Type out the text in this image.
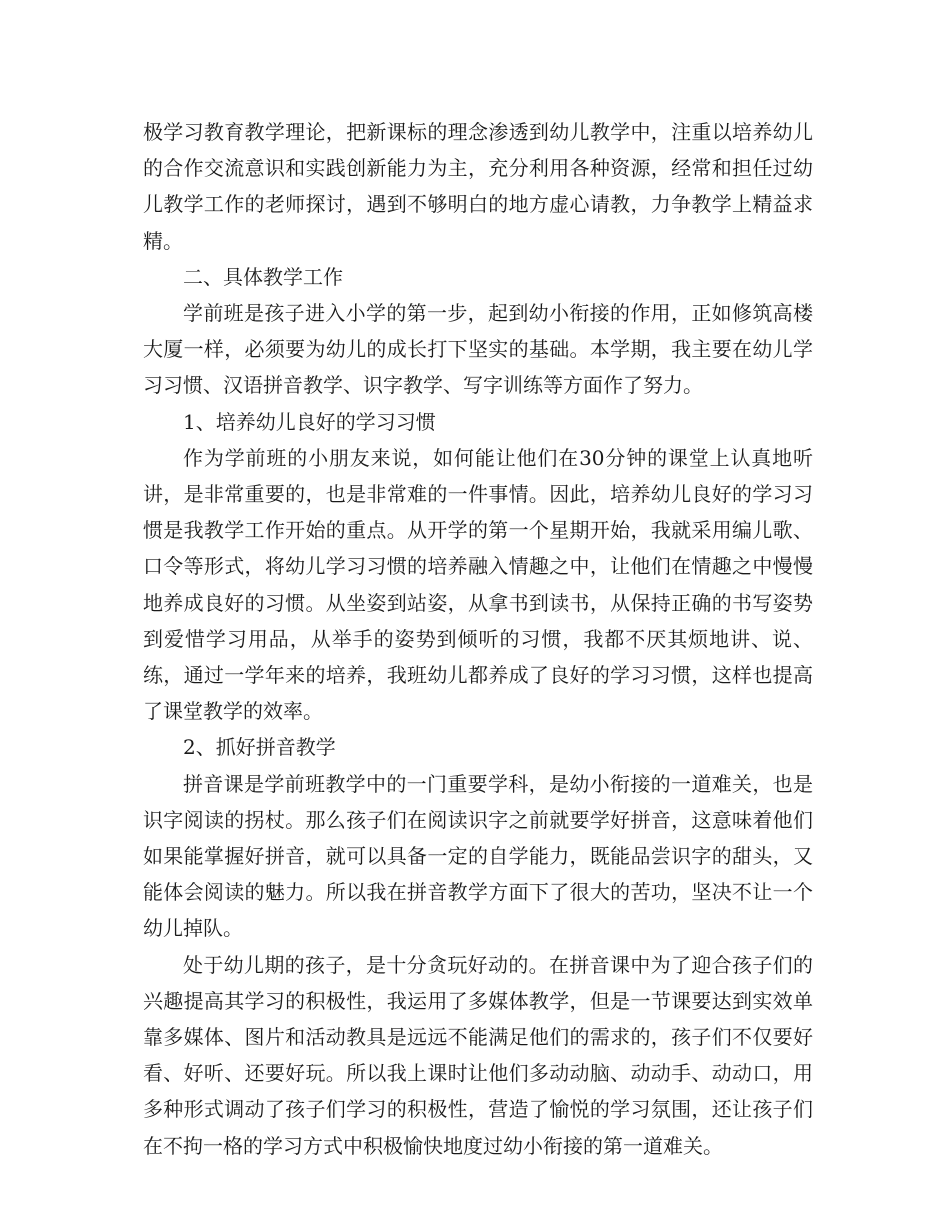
极学习教育教学理论，把新课标的理念渗透到幼儿教学中，注重以培养幼儿的合作交流意识和实践创新能力为主，充分利用各种资源，经常和担任过幼儿教学工作的老师探讨，遇到不够明白的地方虚心请教，力争教学上精益求精。

二、具体教学工作

学前班是孩子进入小学的第一步，起到幼小衔接的作用，正如修筑高楼大厦一样，必须要为幼儿的成长打下坚实的基础。本学期，我主要在幼儿学习习惯、汉语拼音教学、识字教学、写字训练等方面作了努力。

1、培养幼儿良好的学习习惯

作为学前班的小朋友来说，如何能让他们在30分钟的课堂上认真地听讲，是非常重要的，也是非常难的一件事情。因此，培养幼儿良好的学习习惯是我教学工作开始的重点。从开学的第一个星期开始，我就采用编儿歌、口令等形式，将幼儿学习习惯的培养融入情趣之中，让他们在情趣之中慢慢地养成良好的习惯。从坐姿到站姿，从拿书到读书，从保持正确的书写姿势到爱惜学习用品，从举手的姿势到倾听的习惯，我都不厌其烦地讲、说、练，通过一学年来的培养，我班幼儿都养成了良好的学习习惯，这样也提高了课堂教学的效率。

2、抓好拼音教学

拼音课是学前班教学中的一门重要学科，是幼小衔接的一道难关，也是识字阅读的拐杖。那么孩子们在阅读识字之前就要学好拼音，这意味着他们如果能掌握好拼音，就可以具备一定的自学能力，既能品尝识字的甜头，又能体会阅读的魅力。所以我在拼音教学方面下了很大的苦功，坚决不让一个幼儿掉队。

处于幼儿期的孩子，是十分贪玩好动的。在拼音课中为了迎合孩子们的兴趣提高其学习的积极性，我运用了多媒体教学，但是一节课要达到实效单靠多媒体、图片和活动教具是远远不能满足他们的需求的，孩子们不仅要好看、好听、还要好玩。所以我上课时让他们多动动脑、动动手、动动口，用多种形式调动了孩子们学习的积极性，营造了愉悦的学习氛围，还让孩子们在不拘一格的学习方式中积极愉快地度过幼小衔接的第一道难关。
